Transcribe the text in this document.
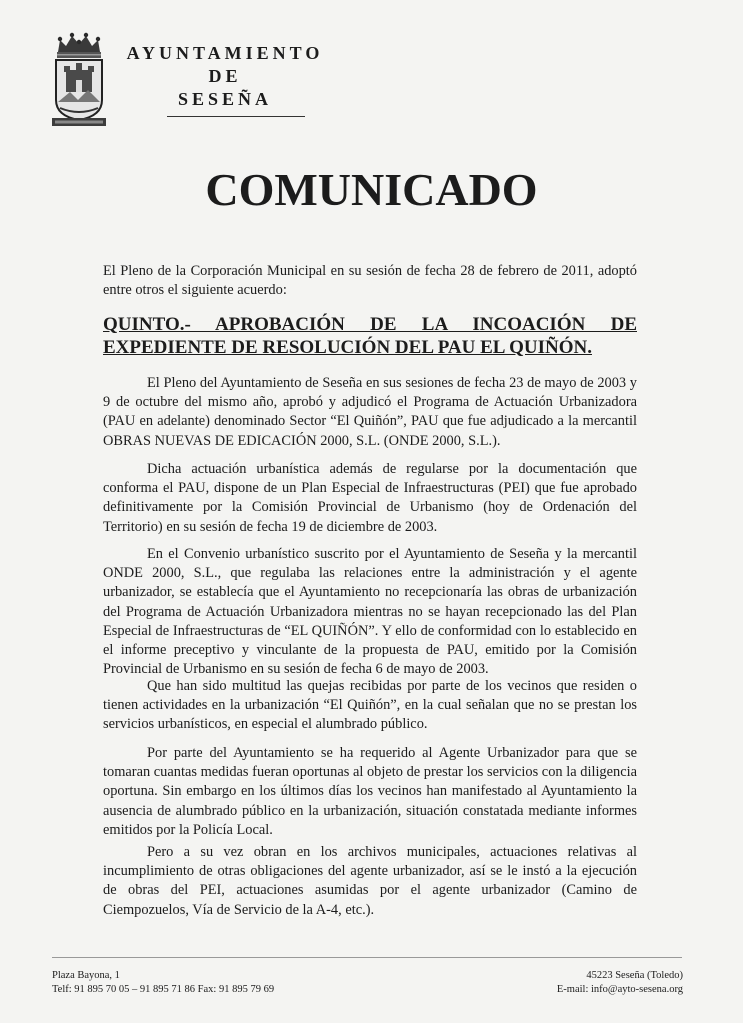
AYUNTAMIENTO
DE
SESEÑA
COMUNICADO
El Pleno de la Corporación Municipal en su sesión de fecha 28 de febrero de 2011, adoptó entre otros el siguiente acuerdo:
QUINTO.- APROBACIÓN DE LA INCOACIÓN DE
EXPEDIENTE DE RESOLUCIÓN DEL PAU EL QUIÑÓN.

El Pleno del Ayuntamiento de Seseña en sus sesiones de fecha 23 de mayo de 2003 y 9 de octubre del mismo año, aprobó y adjudicó el Programa de Actuación Urbanizadora (PAU en adelante) denominado Sector “El Quiñón”, PAU que fue adjudicado a la mercantil OBRAS NUEVAS DE EDICACIÓN 2000, S.L. (ONDE 2000, S.L.).

Dicha actuación urbanística además de regularse por la documentación que conforma el PAU, dispone de un Plan Especial de Infraestructuras (PEI) que fue aprobado definitivamente por la Comisión Provincial de Urbanismo (hoy de Ordenación del Territorio) en su sesión de fecha 19 de diciembre de 2003.

En el Convenio urbanístico suscrito por el Ayuntamiento de Seseña y la mercantil ONDE 2000, S.L., que regulaba las relaciones entre la administración y el agente urbanizador, se establecía que el Ayuntamiento no recepcionaría las obras de urbanización del Programa de Actuación Urbanizadora mientras no se hayan recepcionado las del Plan Especial de Infraestructuras de “EL QUIÑÓN”. Y ello de conformidad con lo establecido en el informe preceptivo y vinculante de la propuesta de PAU, emitido por la Comisión Provincial de Urbanismo en su sesión de fecha 6 de mayo de 2003.

Que han sido multitud las quejas recibidas por parte de los vecinos que residen o tienen actividades en la urbanización “El Quiñón”, en la cual señalan que no se prestan los servicios urbanísticos, en especial el alumbrado público.

Por parte del Ayuntamiento se ha requerido al Agente Urbanizador para que se tomaran cuantas medidas fueran oportunas al objeto de prestar los servicios con la diligencia oportuna. Sin embargo en los últimos días los vecinos han manifestado al Ayuntamiento la ausencia de alumbrado público en la urbanización, situación constatada mediante informes emitidos por la Policía Local.

Pero a su vez obran en los archivos municipales, actuaciones relativas al incumplimiento de otras obligaciones del agente urbanizador, así se le instó a la ejecución de obras del PEI, actuaciones asumidas por el agente urbanizador (Camino de Ciempozuelos, Vía de Servicio de la A-4, etc.).

Plaza Bayona, 1
Telf: 91 895 70 05 – 91 895 71 86 Fax: 91 895 79 69
45223 Seseña (Toledo)
E-mail: info@ayto-sesena.org
